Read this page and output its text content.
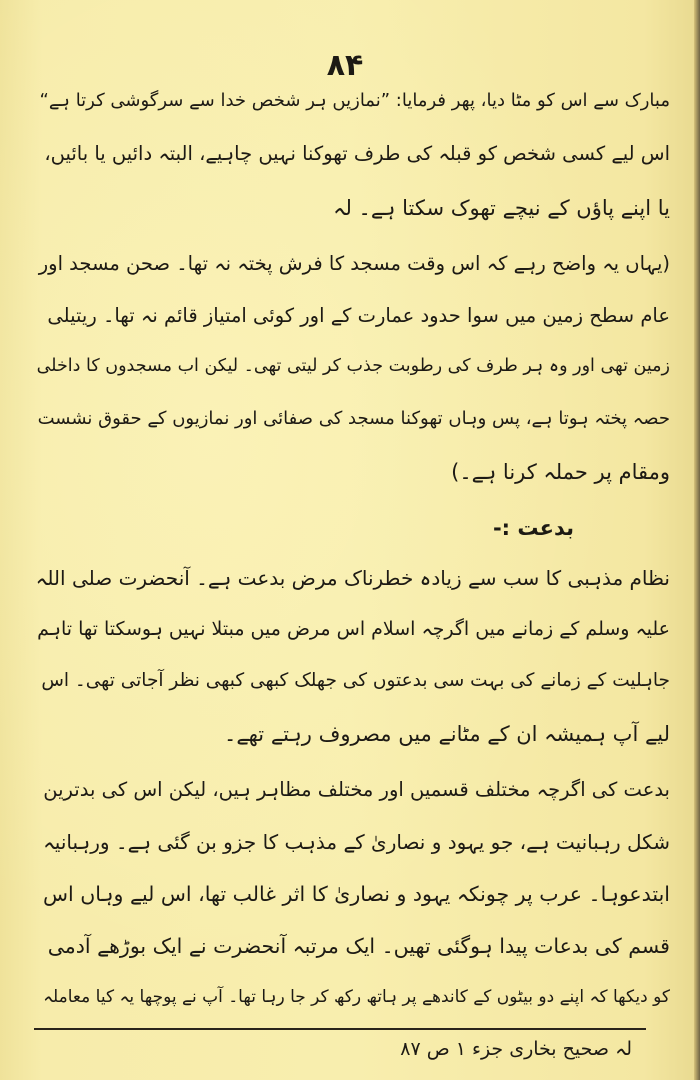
۸۴
مبارک سے اس کو مٹا دیا، پھر فرمایا: ”نمازیں ہر شخص خدا سے سرگوشی کرتا ہے“
اس لیے کسی شخص کو قبلہ کی طرف تھوکنا نہیں چاہیے، البتہ دائیں یا بائیں،
یا اپنے پاؤں کے نیچے تھوک سکتا ہے۔ لہ
(یہاں یہ واضح رہے کہ اس وقت مسجد کا فرش پختہ نہ تھا۔ صحن مسجد اور
عام سطح زمین میں سوا حدود عمارت کے اور کوئی امتیاز قائم نہ تھا۔ ریتیلی
زمین تھی اور وہ ہر طرف کی رطوبت جذب کر لیتی تھی۔ لیکن اب مسجدوں کا داخلی
حصہ پختہ ہوتا ہے، پس وہاں تھوکنا مسجد کی صفائی اور نمازیوں کے حقوق نشست
ومقام پر حملہ کرنا ہے۔)
بدعت :-
نظام مذہبی کا سب سے زیادہ خطرناک مرض بدعت ہے۔ آنحضرت صلی اللہ
علیہ وسلم کے زمانے میں اگرچہ اسلام اس مرض میں مبتلا نہیں ہوسکتا تھا تاہم
جاہلیت کے زمانے کی بہت سی بدعتوں کی جھلک کبھی کبھی نظر آجاتی تھی۔ اس
لیے آپ ہمیشہ ان کے مٹانے میں مصروف رہتے تھے۔
بدعت کی اگرچہ مختلف قسمیں اور مختلف مظاہر ہیں، لیکن اس کی بدترین
شکل رہبانیت ہے، جو یہود و نصاریٰ کے مذہب کا جزو بن گئی ہے۔ ورہبانیہ
ابتدعوہا۔ عرب پر چونکہ یہود و نصاریٰ کا اثر غالب تھا، اس لیے وہاں اس
قسم کی بدعات پیدا ہوگئی تھیں۔ ایک مرتبہ آنحضرت نے ایک بوڑھے آدمی
کو دیکھا کہ اپنے دو بیٹوں کے کاندھے پر ہاتھ رکھ کر جا رہا تھا۔ آپ نے پوچھا یہ کیا معاملہ
لہ صحیح بخاری جزء ۱ ص ۸۷
